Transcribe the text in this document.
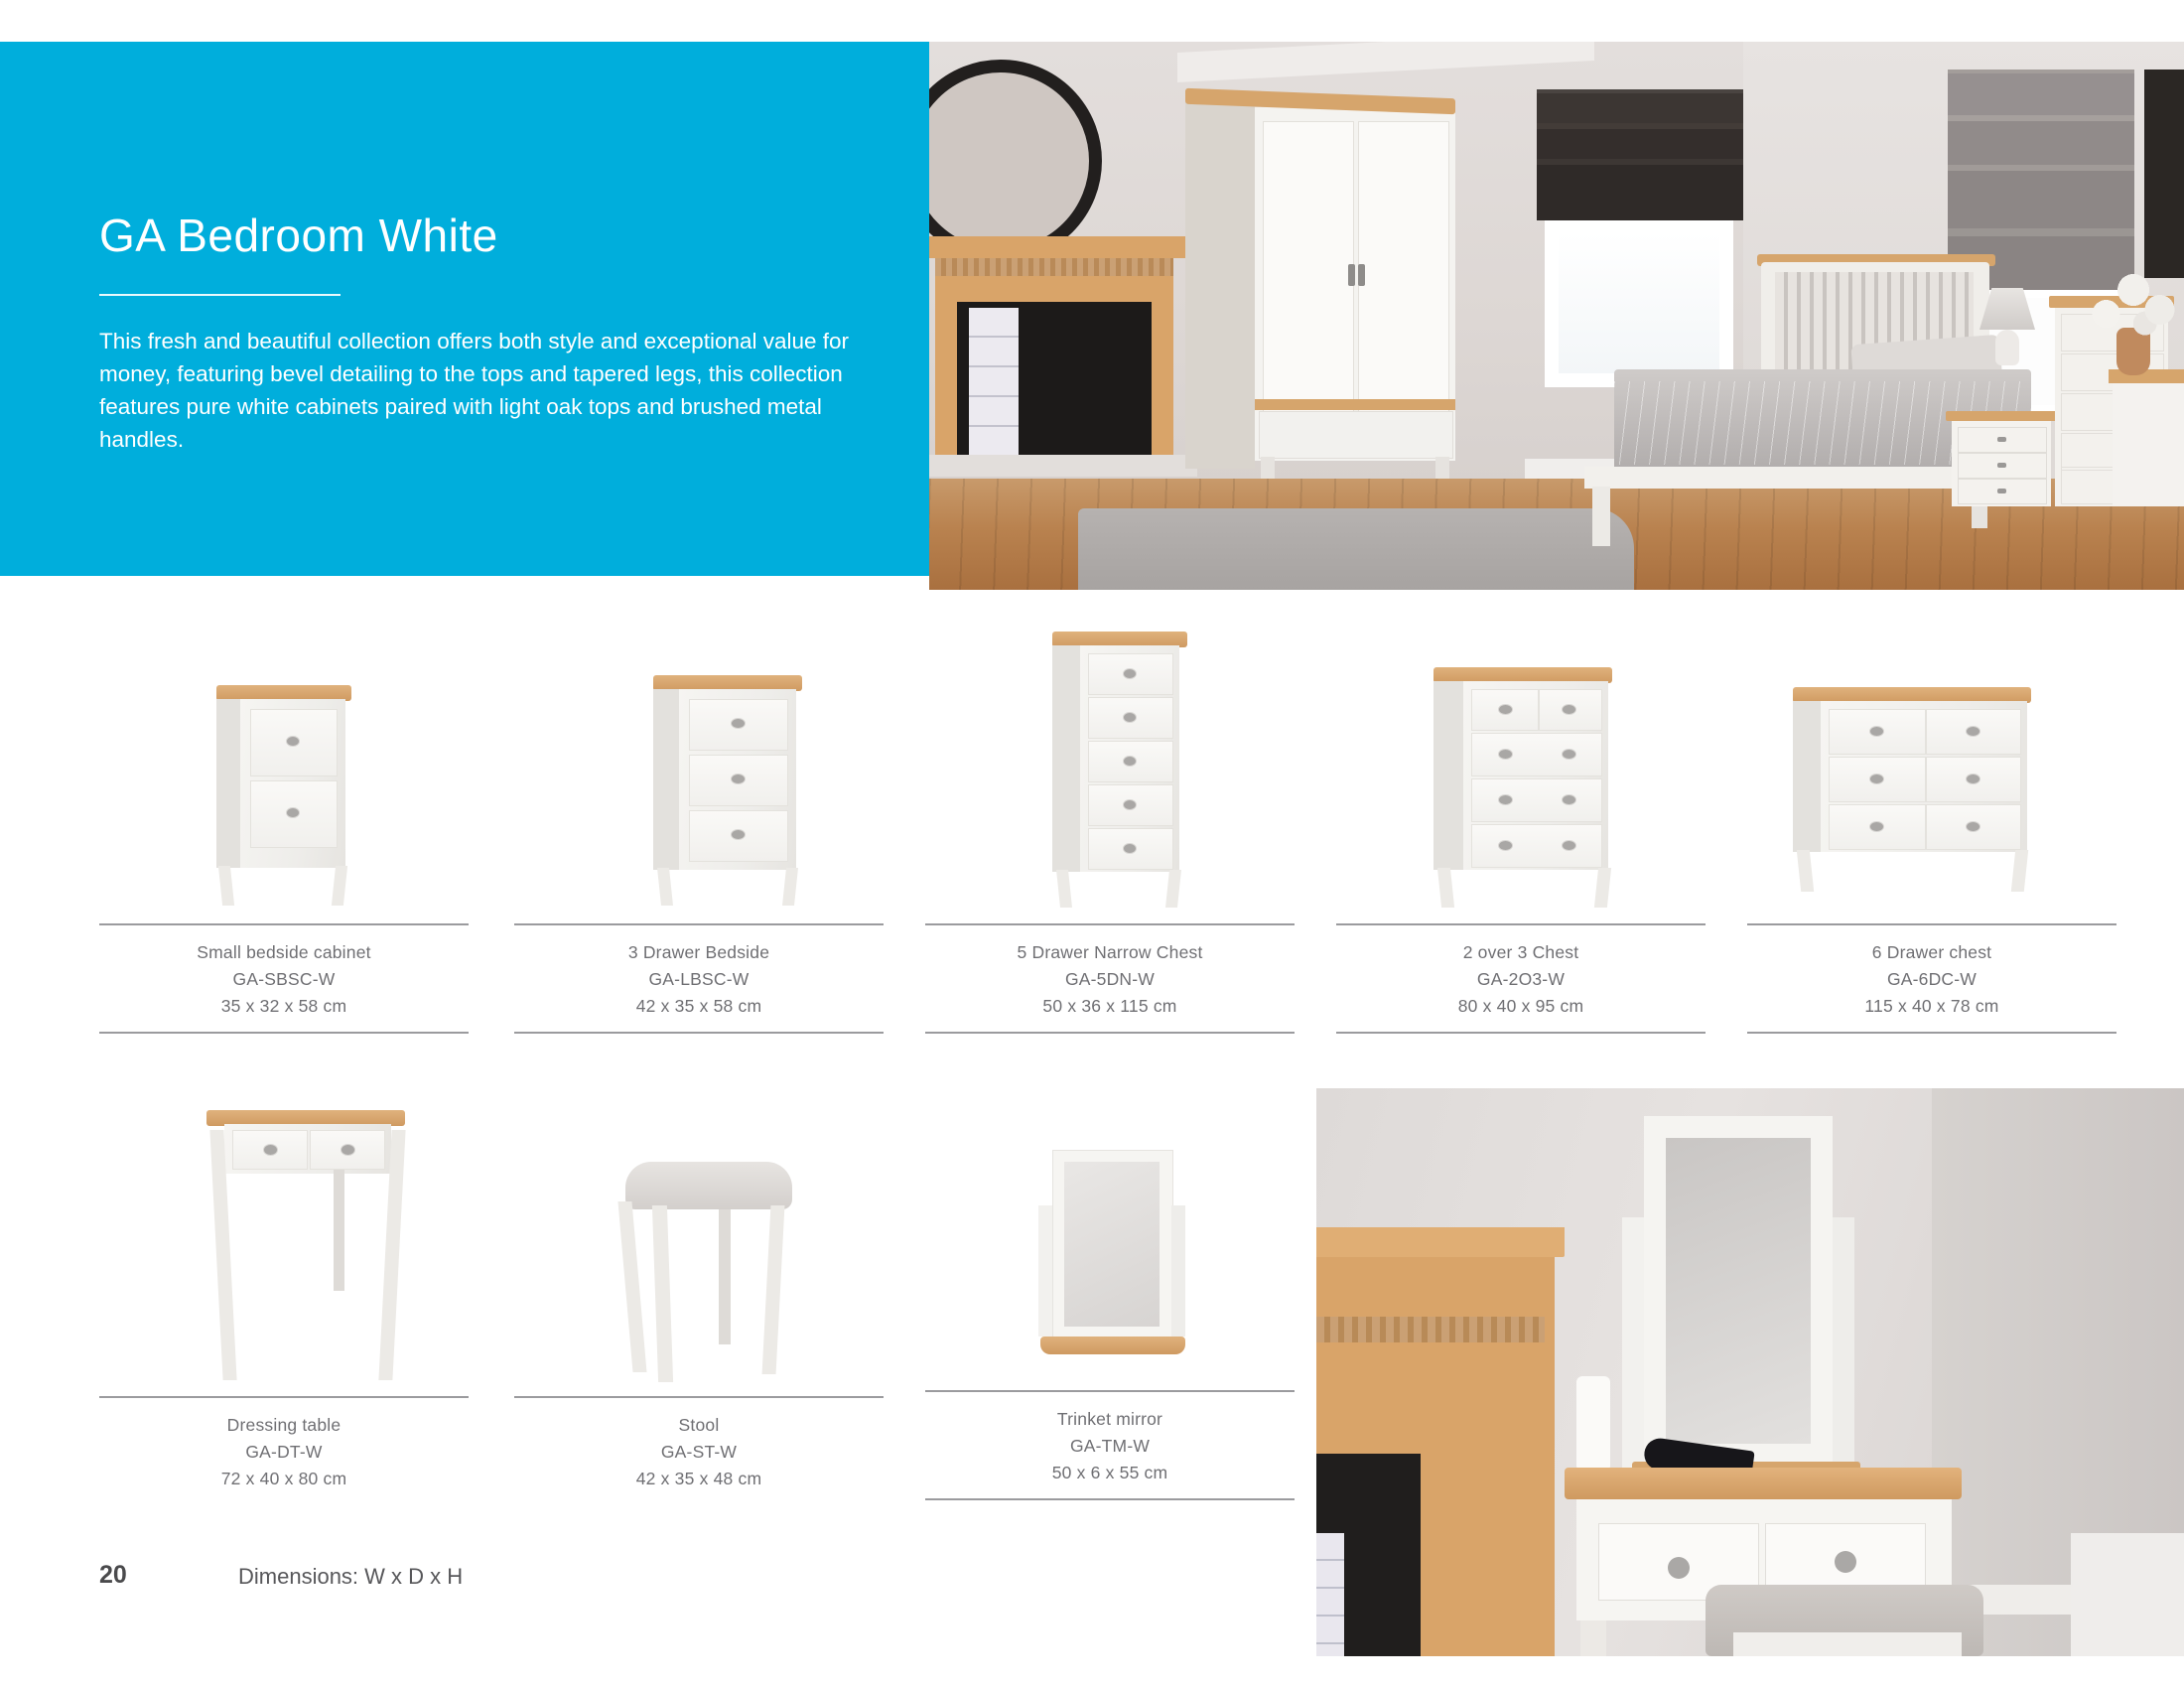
GA Bedroom White
This fresh and beautiful collection offers both style and exceptional value for money, featuring bevel detailing to the tops and tapered legs, this collection features pure white cabinets paired with light oak tops and brushed metal handles.
Small bedside cabinet
GA-SBSC-W
35 x 32 x 58 cm
3 Drawer Bedside
GA-LBSC-W
42 x 35 x 58 cm
5 Drawer Narrow Chest
GA-5DN-W
50 x 36 x 115 cm
2 over 3 Chest
GA-2O3-W
80 x 40 x 95 cm
6 Drawer chest
GA-6DC-W
115 x 40 x 78 cm
Dressing table
GA-DT-W
72 x 40 x 80 cm
Stool
GA-ST-W
42 x 35 x 48 cm
Trinket mirror
GA-TM-W
50 x 6 x 55 cm
20	Dimensions: W x D x H
